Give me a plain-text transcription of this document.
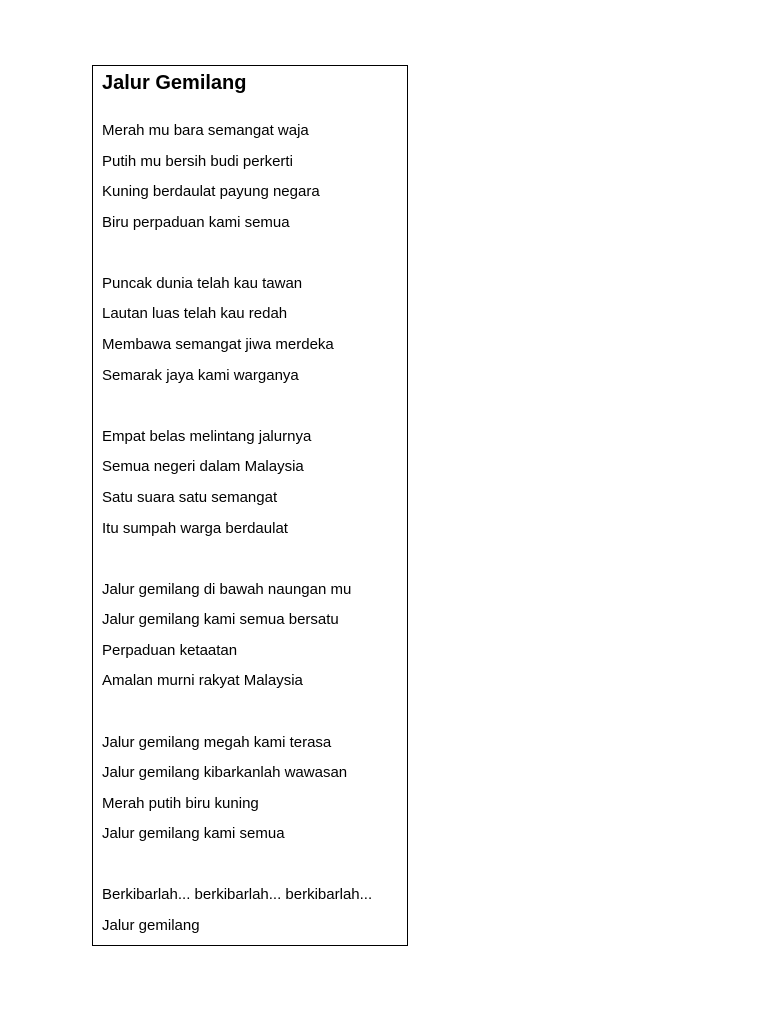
Jalur Gemilang

Merah mu bara semangat waja

Putih mu bersih budi perkerti

Kuning berdaulat payung negara

Biru perpaduan kami semua

Puncak dunia telah kau tawan

Lautan luas telah kau redah

Membawa semangat jiwa merdeka

Semarak jaya kami warganya

Empat belas melintang jalurnya

Semua negeri dalam Malaysia

Satu suara satu semangat

Itu sumpah warga berdaulat

Jalur gemilang di bawah naungan mu

Jalur gemilang kami semua bersatu

Perpaduan ketaatan

Amalan murni rakyat Malaysia

Jalur gemilang megah kami terasa

Jalur gemilang kibarkanlah wawasan

Merah putih biru kuning

Jalur gemilang kami semua

Berkibarlah... berkibarlah... berkibarlah...

Jalur gemilang
